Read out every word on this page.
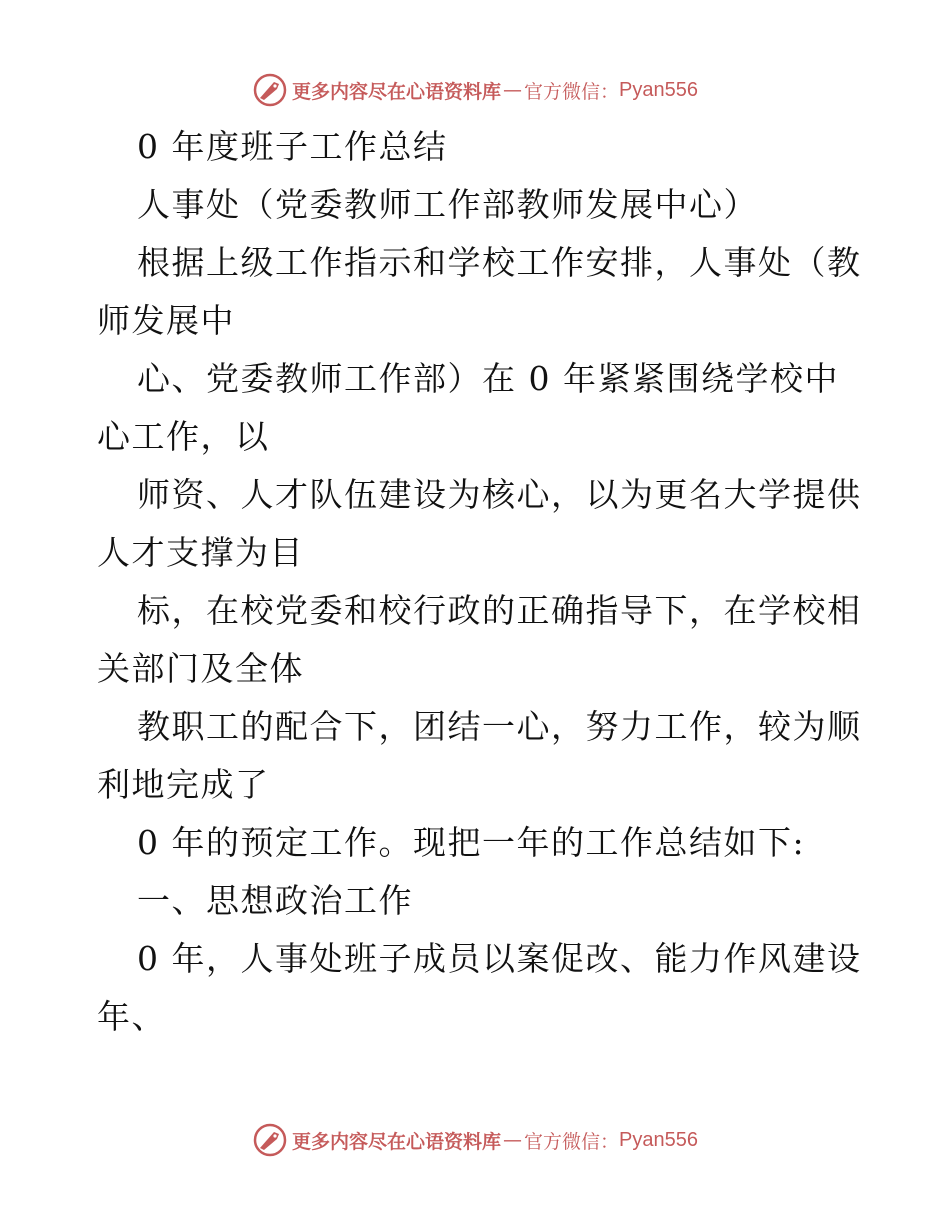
更多内容尽在心语资料库 — 官方微信： Pyan556
0 年度班子工作总结
人事处（党委教师工作部教师发展中心）
根据上级工作指示和学校工作安排，人事处（教
师发展中
心、党委教师工作部）在 0 年紧紧围绕学校中
心工作，以
师资、人才队伍建设为核心，以为更名大学提供
人才支撑为目
标，在校党委和校行政的正确指导下，在学校相
关部门及全体
教职工的配合下，团结一心，努力工作，较为顺
利地完成了
0 年的预定工作。现把一年的工作总结如下:
一、思想政治工作
0 年，人事处班子成员以案促改、能力作风建设
年、
更多内容尽在心语资料库 — 官方微信： Pyan556
